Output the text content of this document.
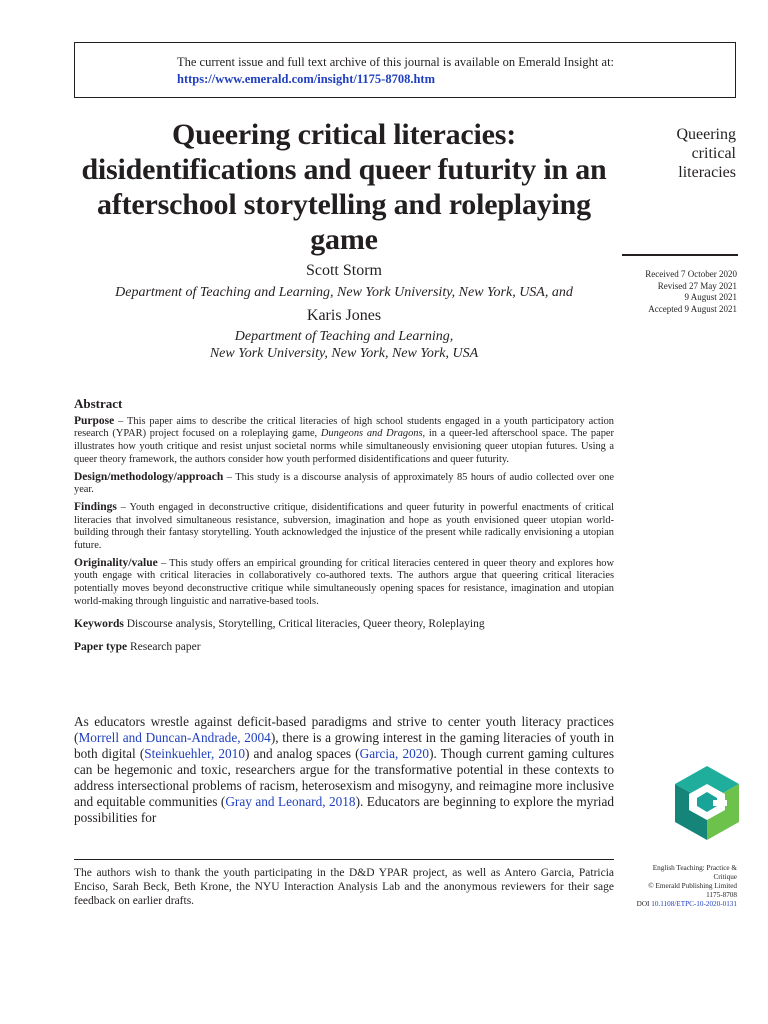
The current issue and full text archive of this journal is available on Emerald Insight at:
https://www.emerald.com/insight/1175-8708.htm
Queering critical literacies: disidentifications and queer futurity in an afterschool storytelling and roleplaying game
Queering
critical
literacies
Received 7 October 2020
Revised 27 May 2021
9 August 2021
Accepted 9 August 2021
Scott Storm
Department of Teaching and Learning, New York University, New York, USA, and
Karis Jones
Department of Teaching and Learning,
New York University, New York, New York, USA
Abstract

Purpose – This paper aims to describe the critical literacies of high school students engaged in a youth participatory action research (YPAR) project focused on a roleplaying game, Dungeons and Dragons, in a queer-led afterschool space. The paper illustrates how youth critique and resist unjust societal norms while simultaneously envisioning queer utopian futures. Using a queer theory framework, the authors consider how youth performed disidentifications and queer futurity.

Design/methodology/approach – This study is a discourse analysis of approximately 85 hours of audio collected over one year.

Findings – Youth engaged in deconstructive critique, disidentifications and queer futurity in powerful enactments of critical literacies that involved simultaneous resistance, subversion, imagination and hope as youth envisioned queer utopian world-building through their fantasy storytelling. Youth acknowledged the injustice of the present while radically envisioning a utopian future.

Originality/value – This study offers an empirical grounding for critical literacies centered in queer theory and explores how youth engage with critical literacies in collaboratively co-authored texts. The authors argue that queering critical literacies potentially moves beyond deconstructive critique while simultaneously opening spaces for resistance, imagination and utopian world-making through linguistic and narrative-based tools.

Keywords Discourse analysis, Storytelling, Critical literacies, Queer theory, Roleplaying

Paper type Research paper

As educators wrestle against deficit-based paradigms and strive to center youth literacy practices (Morrell and Duncan-Andrade, 2004), there is a growing interest in the gaming literacies of youth in both digital (Steinkuehler, 2010) and analog spaces (Garcia, 2020). Though current gaming cultures can be hegemonic and toxic, researchers argue for the transformative potential in these contexts to address intersectional problems of racism, heterosexism and misogyny, and reimagine more inclusive and equitable communities (Gray and Leonard, 2018). Educators are beginning to explore the myriad possibilities for

The authors wish to thank the youth participating in the D&D YPAR project, as well as Antero Garcia, Patricia Enciso, Sarah Beck, Beth Krone, the NYU Interaction Analysis Lab and the anonymous reviewers for their sage feedback on earlier drafts.

English Teaching: Practice &
Critique
© Emerald Publishing Limited
1175-8708
DOI 10.1108/ETPC-10-2020-0131
